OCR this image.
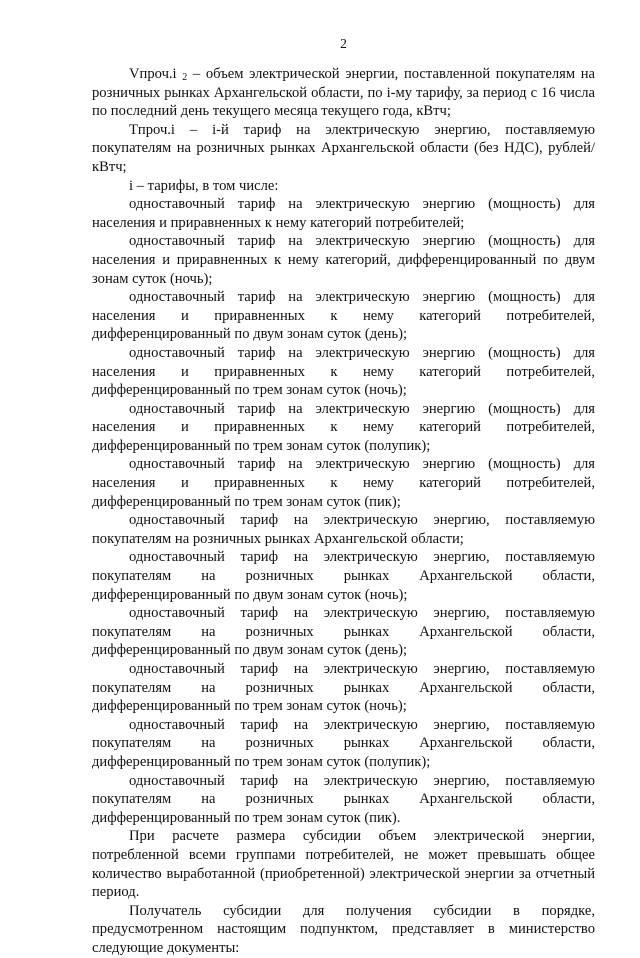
2

Vпроч.i $_2$ – объем электрической энергии, поставленной покупателям на розничных рынках Архангельской области, по i-му тарифу, за период с 16 числа по последний день текущего месяца текущего года, кВтч;

Tпроч.i – i-й тариф на электрическую энергию, поставляемую покупателям на розничных рынках Архангельской области (без НДС), рублей/кВтч;

i – тарифы, в том числе:

одноставочный тариф на электрическую энергию (мощность) для населения и приравненных к нему категорий потребителей;

одноставочный тариф на электрическую энергию (мощность) для населения и приравненных к нему категорий, дифференцированный по двум зонам суток (ночь);

одноставочный тариф на электрическую энергию (мощность) для населения и приравненных к нему категорий потребителей, дифференцированный по двум зонам суток (день);

одноставочный тариф на электрическую энергию (мощность) для населения и приравненных к нему категорий потребителей, дифференцированный по трем зонам суток (ночь);

одноставочный тариф на электрическую энергию (мощность) для населения и приравненных к нему категорий потребителей, дифференцированный по трем зонам суток (полупик);

одноставочный тариф на электрическую энергию (мощность) для населения и приравненных к нему категорий потребителей, дифференцированный по трем зонам суток (пик);

одноставочный тариф на электрическую энергию, поставляемую покупателям на розничных рынках Архангельской области;

одноставочный тариф на электрическую энергию, поставляемую покупателям на розничных рынках Архангельской области, дифференцированный по двум зонам суток (ночь);

одноставочный тариф на электрическую энергию, поставляемую покупателям на розничных рынках Архангельской области, дифференцированный по двум зонам суток (день);

одноставочный тариф на электрическую энергию, поставляемую покупателям на розничных рынках Архангельской области, дифференцированный по трем зонам суток (ночь);

одноставочный тариф на электрическую энергию, поставляемую покупателям на розничных рынках Архангельской области, дифференцированный по трем зонам суток (полупик);

одноставочный тариф на электрическую энергию, поставляемую покупателям на розничных рынках Архангельской области, дифференцированный по трем зонам суток (пик).

При расчете размера субсидии объем электрической энергии, потребленной всеми группами потребителей, не может превышать общее количество выработанной (приобретенной) электрической энергии за отчетный период.

Получатель субсидии для получения субсидии в порядке, предусмотренном настоящим подпунктом, представляет в министерство следующие документы:
